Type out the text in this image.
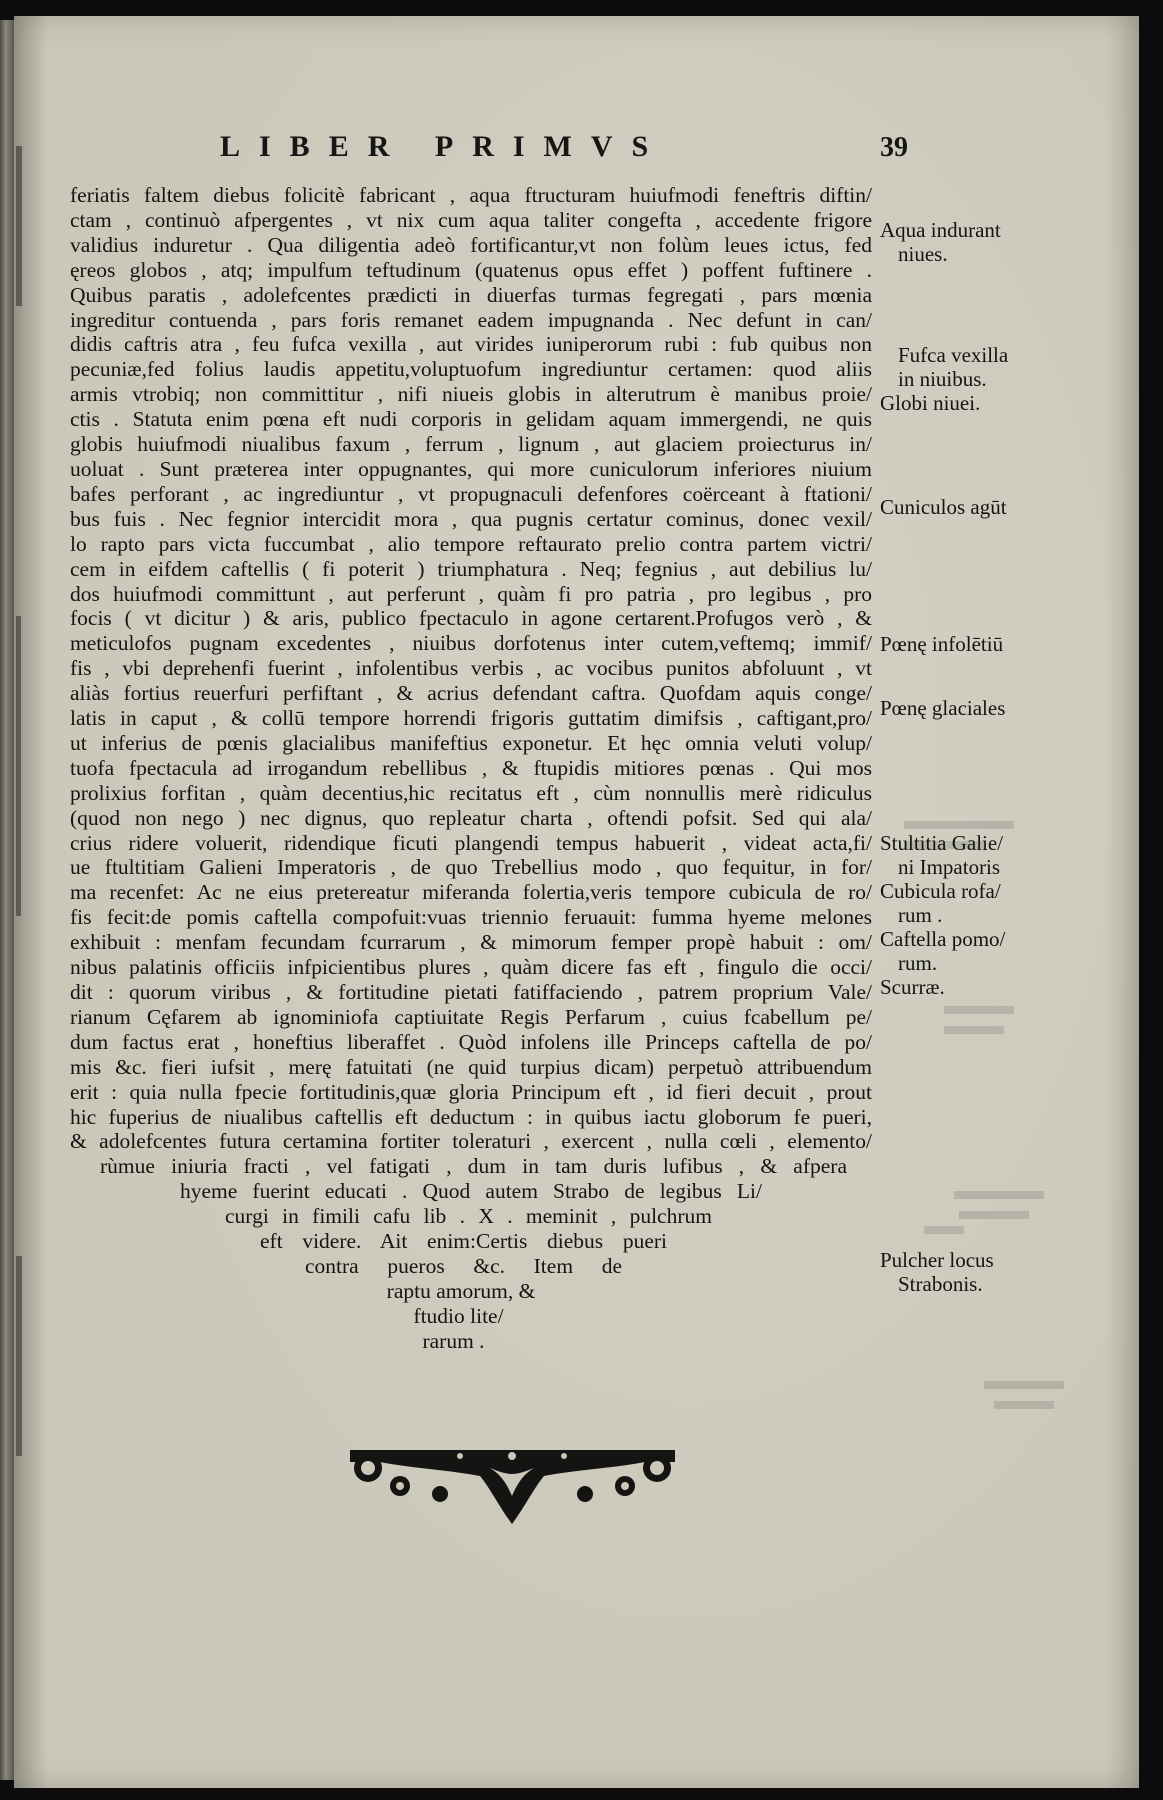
LIBER PRIMVS	39
feriatis faltem diebus folicitè fabricant , aqua ftructuram huiufmodi feneftris diftin/
ctam , continuò afpergentes , vt nix cum aqua taliter congefta , accedente frigore
validius induretur . Qua diligentia adeò fortificantur,vt non folùm leues ictus, fed
ęreos globos , atq; impulfum teftudinum (quatenus opus effet ) poffent fuftinere .
Quibus paratis , adolefcentes prædicti in diuerfas turmas fegregati , pars mœnia
ingreditur contuenda , pars foris remanet eadem impugnanda . Nec defunt in can/
didis caftris atra , feu fufca vexilla , aut virides iuniperorum rubi : fub quibus non
pecuniæ,fed folius laudis appetitu,voluptuofum ingrediuntur certamen: quod aliis
armis vtrobiq; non committitur , nifi niueis globis in alterutrum è manibus proie/
ctis . Statuta enim pœna eft nudi corporis in gelidam aquam immergendi, ne quis
globis huiufmodi niualibus faxum , ferrum , lignum , aut glaciem proiecturus in/
uoluat . Sunt præterea inter oppugnantes, qui more cuniculorum inferiores niuium
bafes perforant , ac ingrediuntur , vt propugnaculi defenfores coërceant à ftationi/
bus fuis . Nec fegnior intercidit mora , qua pugnis certatur cominus, donec vexil/
lo rapto pars victa fuccumbat , alio tempore reftaurato prelio contra partem victri/
cem in eifdem caftellis ( fi poterit ) triumphatura . Neq; fegnius , aut debilius lu/
dos huiufmodi committunt , aut perferunt , quàm fi pro patria , pro legibus , pro
focis ( vt dicitur ) & aris, publico fpectaculo in agone certarent.Profugos verò , &
meticulofos pugnam excedentes , niuibus dorfotenus inter cutem,veftemq; immif/
fis , vbi deprehenfi fuerint , infolentibus verbis , ac vocibus punitos abfoluunt , vt
aliàs fortius reuerfuri perfiftant , & acrius defendant caftra. Quofdam aquis conge/
latis in caput , & collū tempore horrendi frigoris guttatim dimifsis , caftigant,pro/
ut inferius de pœnis glacialibus manifeftius exponetur. Et hęc omnia veluti volup/
tuofa fpectacula ad irrogandum rebellibus , & ftupidis mitiores pœnas . Qui mos
prolixius forfitan , quàm decentius,hic recitatus eft , cùm nonnullis merè ridiculus
(quod non nego ) nec dignus, quo repleatur charta , oftendi pofsit. Sed qui ala/
crius ridere voluerit, ridendique ficuti plangendi tempus habuerit , videat acta,fi/
ue ftultitiam Galieni Imperatoris , de quo Trebellius modo , quo fequitur, in for/
ma recenfet: Ac ne eius pretereatur miferanda folertia,veris tempore cubicula de ro/
fis fecit:de pomis caftella compofuit:vuas triennio feruauit: fumma hyeme melones
exhibuit : menfam fecundam fcurrarum , & mimorum femper propè habuit : om/
nibus palatinis officiis infpicientibus plures , quàm dicere fas eft , fingulo die occi/
dit : quorum viribus , & fortitudine pietati fatiffaciendo , patrem proprium Vale/
rianum Cęfarem ab ignominiofa captiuitate Regis Perfarum , cuius fcabellum pe/
dum factus erat , honeftius liberaffet . Quòd infolens ille Princeps caftella de po/
mis &c. fieri iufsit , merę fatuitati (ne quid turpius dicam) perpetuò attribuendum
erit : quia nulla fpecie fortitudinis,quæ gloria Principum eft , id fieri decuit , prout
hic fuperius de niualibus caftellis eft deductum : in quibus iactu globorum fe pueri,
& adolefcentes futura certamina fortiter toleraturi , exercent , nulla cœli , elemento/
rùmue iniuria fracti , vel fatigati , dum in tam duris lufibus , & afpera
hyeme fuerint educati . Quod autem Strabo de legibus Li/
curgi in fimili cafu lib . X . meminit , pulchrum
eft videre. Ait enim:Certis diebus pueri
contra pueros &c. Item de
raptu amorum, &
ftudio lite/
rarum .
Aqua indurant
niues.
Fufca vexilla
in niuibus.
Globi niuei.
Cuniculos agūt
Pœnę infolētiū
Pœnę glaciales
Stultitia Galie/
ni Impatoris
Cubicula rofa/
rum .
Caftella pomo/
rum.
Scurræ.
Pulcher locus
Strabonis.
